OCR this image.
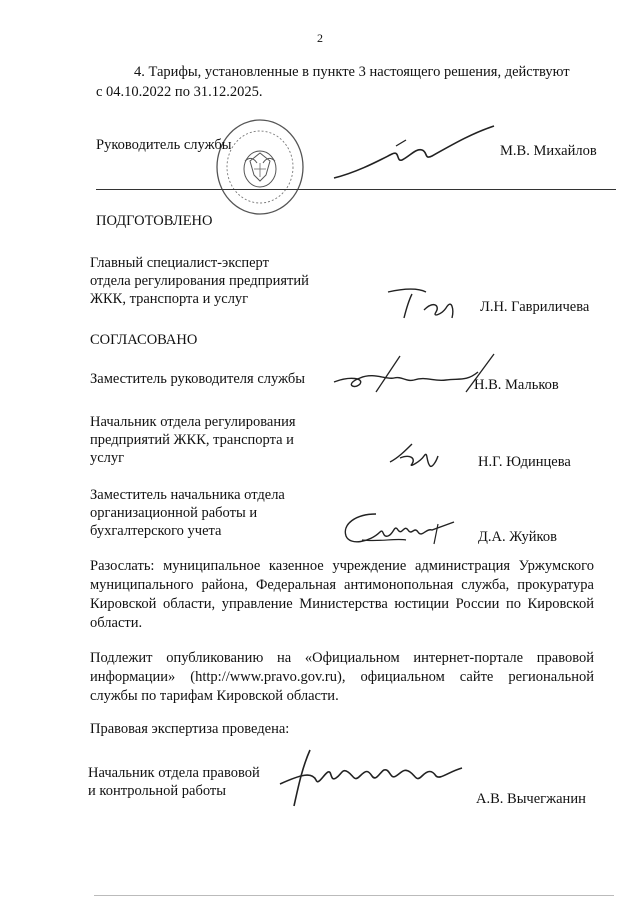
2
4. Тарифы, установленные в пункте 3 настоящего решения, действуют
с 04.10.2022 по 31.12.2025.
Руководитель службы	М.В. Михайлов
ПОДГОТОВЛЕНО
Главный специалист-эксперт
отдела регулирования предприятий
ЖКК, транспорта и услуг	Л.Н. Гавриличева
СОГЛАСОВАНО
Заместитель руководителя службы	Н.В. Мальков
Начальник отдела регулирования
предприятий ЖКК, транспорта и
услуг	Н.Г. Юдинцева
Заместитель начальника отдела
организационной работы и
бухгалтерского учета	Д.А. Жуйков
Разослать: муниципальное казенное учреждение администрация Уржумского муниципального района, Федеральная антимонопольная служба, прокуратура Кировской области, управление Министерства юстиции России по Кировской области.
Подлежит опубликованию на «Официальном интернет-портале правовой информации» (http://www.pravo.gov.ru), официальном сайте региональной службы по тарифам Кировской области.
Правовая экспертиза проведена:
Начальник отдела правовой
и контрольной работы	А.В. Вычегжанин
